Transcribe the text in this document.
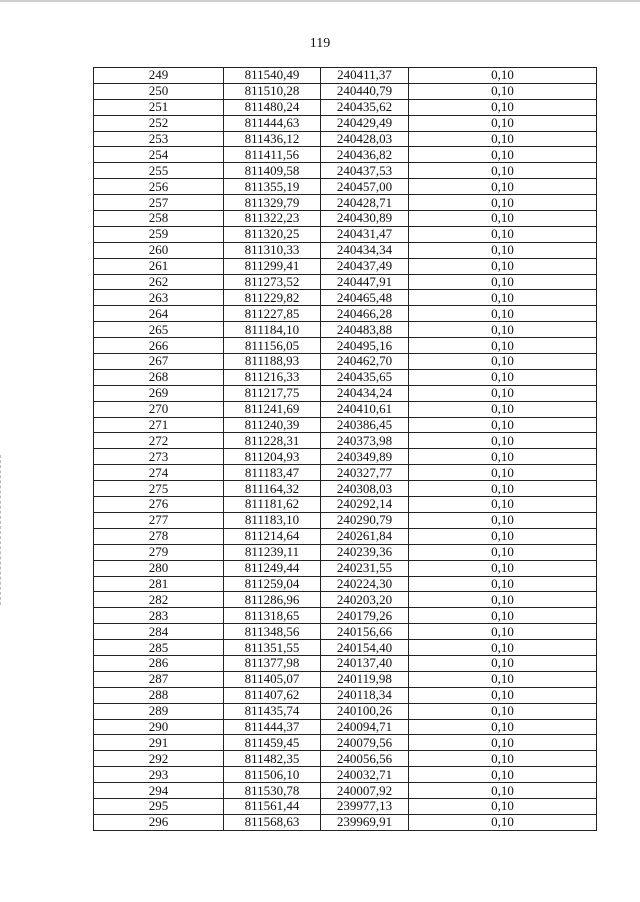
119
249	811540,49	240411,37	0,10
250	811510,28	240440,79	0,10
251	811480,24	240435,62	0,10
252	811444,63	240429,49	0,10
253	811436,12	240428,03	0,10
254	811411,56	240436,82	0,10
255	811409,58	240437,53	0,10
256	811355,19	240457,00	0,10
257	811329,79	240428,71	0,10
258	811322,23	240430,89	0,10
259	811320,25	240431,47	0,10
260	811310,33	240434,34	0,10
261	811299,41	240437,49	0,10
262	811273,52	240447,91	0,10
263	811229,82	240465,48	0,10
264	811227,85	240466,28	0,10
265	811184,10	240483,88	0,10
266	811156,05	240495,16	0,10
267	811188,93	240462,70	0,10
268	811216,33	240435,65	0,10
269	811217,75	240434,24	0,10
270	811241,69	240410,61	0,10
271	811240,39	240386,45	0,10
272	811228,31	240373,98	0,10
273	811204,93	240349,89	0,10
274	811183,47	240327,77	0,10
275	811164,32	240308,03	0,10
276	811181,62	240292,14	0,10
277	811183,10	240290,79	0,10
278	811214,64	240261,84	0,10
279	811239,11	240239,36	0,10
280	811249,44	240231,55	0,10
281	811259,04	240224,30	0,10
282	811286,96	240203,20	0,10
283	811318,65	240179,26	0,10
284	811348,56	240156,66	0,10
285	811351,55	240154,40	0,10
286	811377,98	240137,40	0,10
287	811405,07	240119,98	0,10
288	811407,62	240118,34	0,10
289	811435,74	240100,26	0,10
290	811444,37	240094,71	0,10
291	811459,45	240079,56	0,10
292	811482,35	240056,56	0,10
293	811506,10	240032,71	0,10
294	811530,78	240007,92	0,10
295	811561,44	239977,13	0,10
296	811568,63	239969,91	0,10
